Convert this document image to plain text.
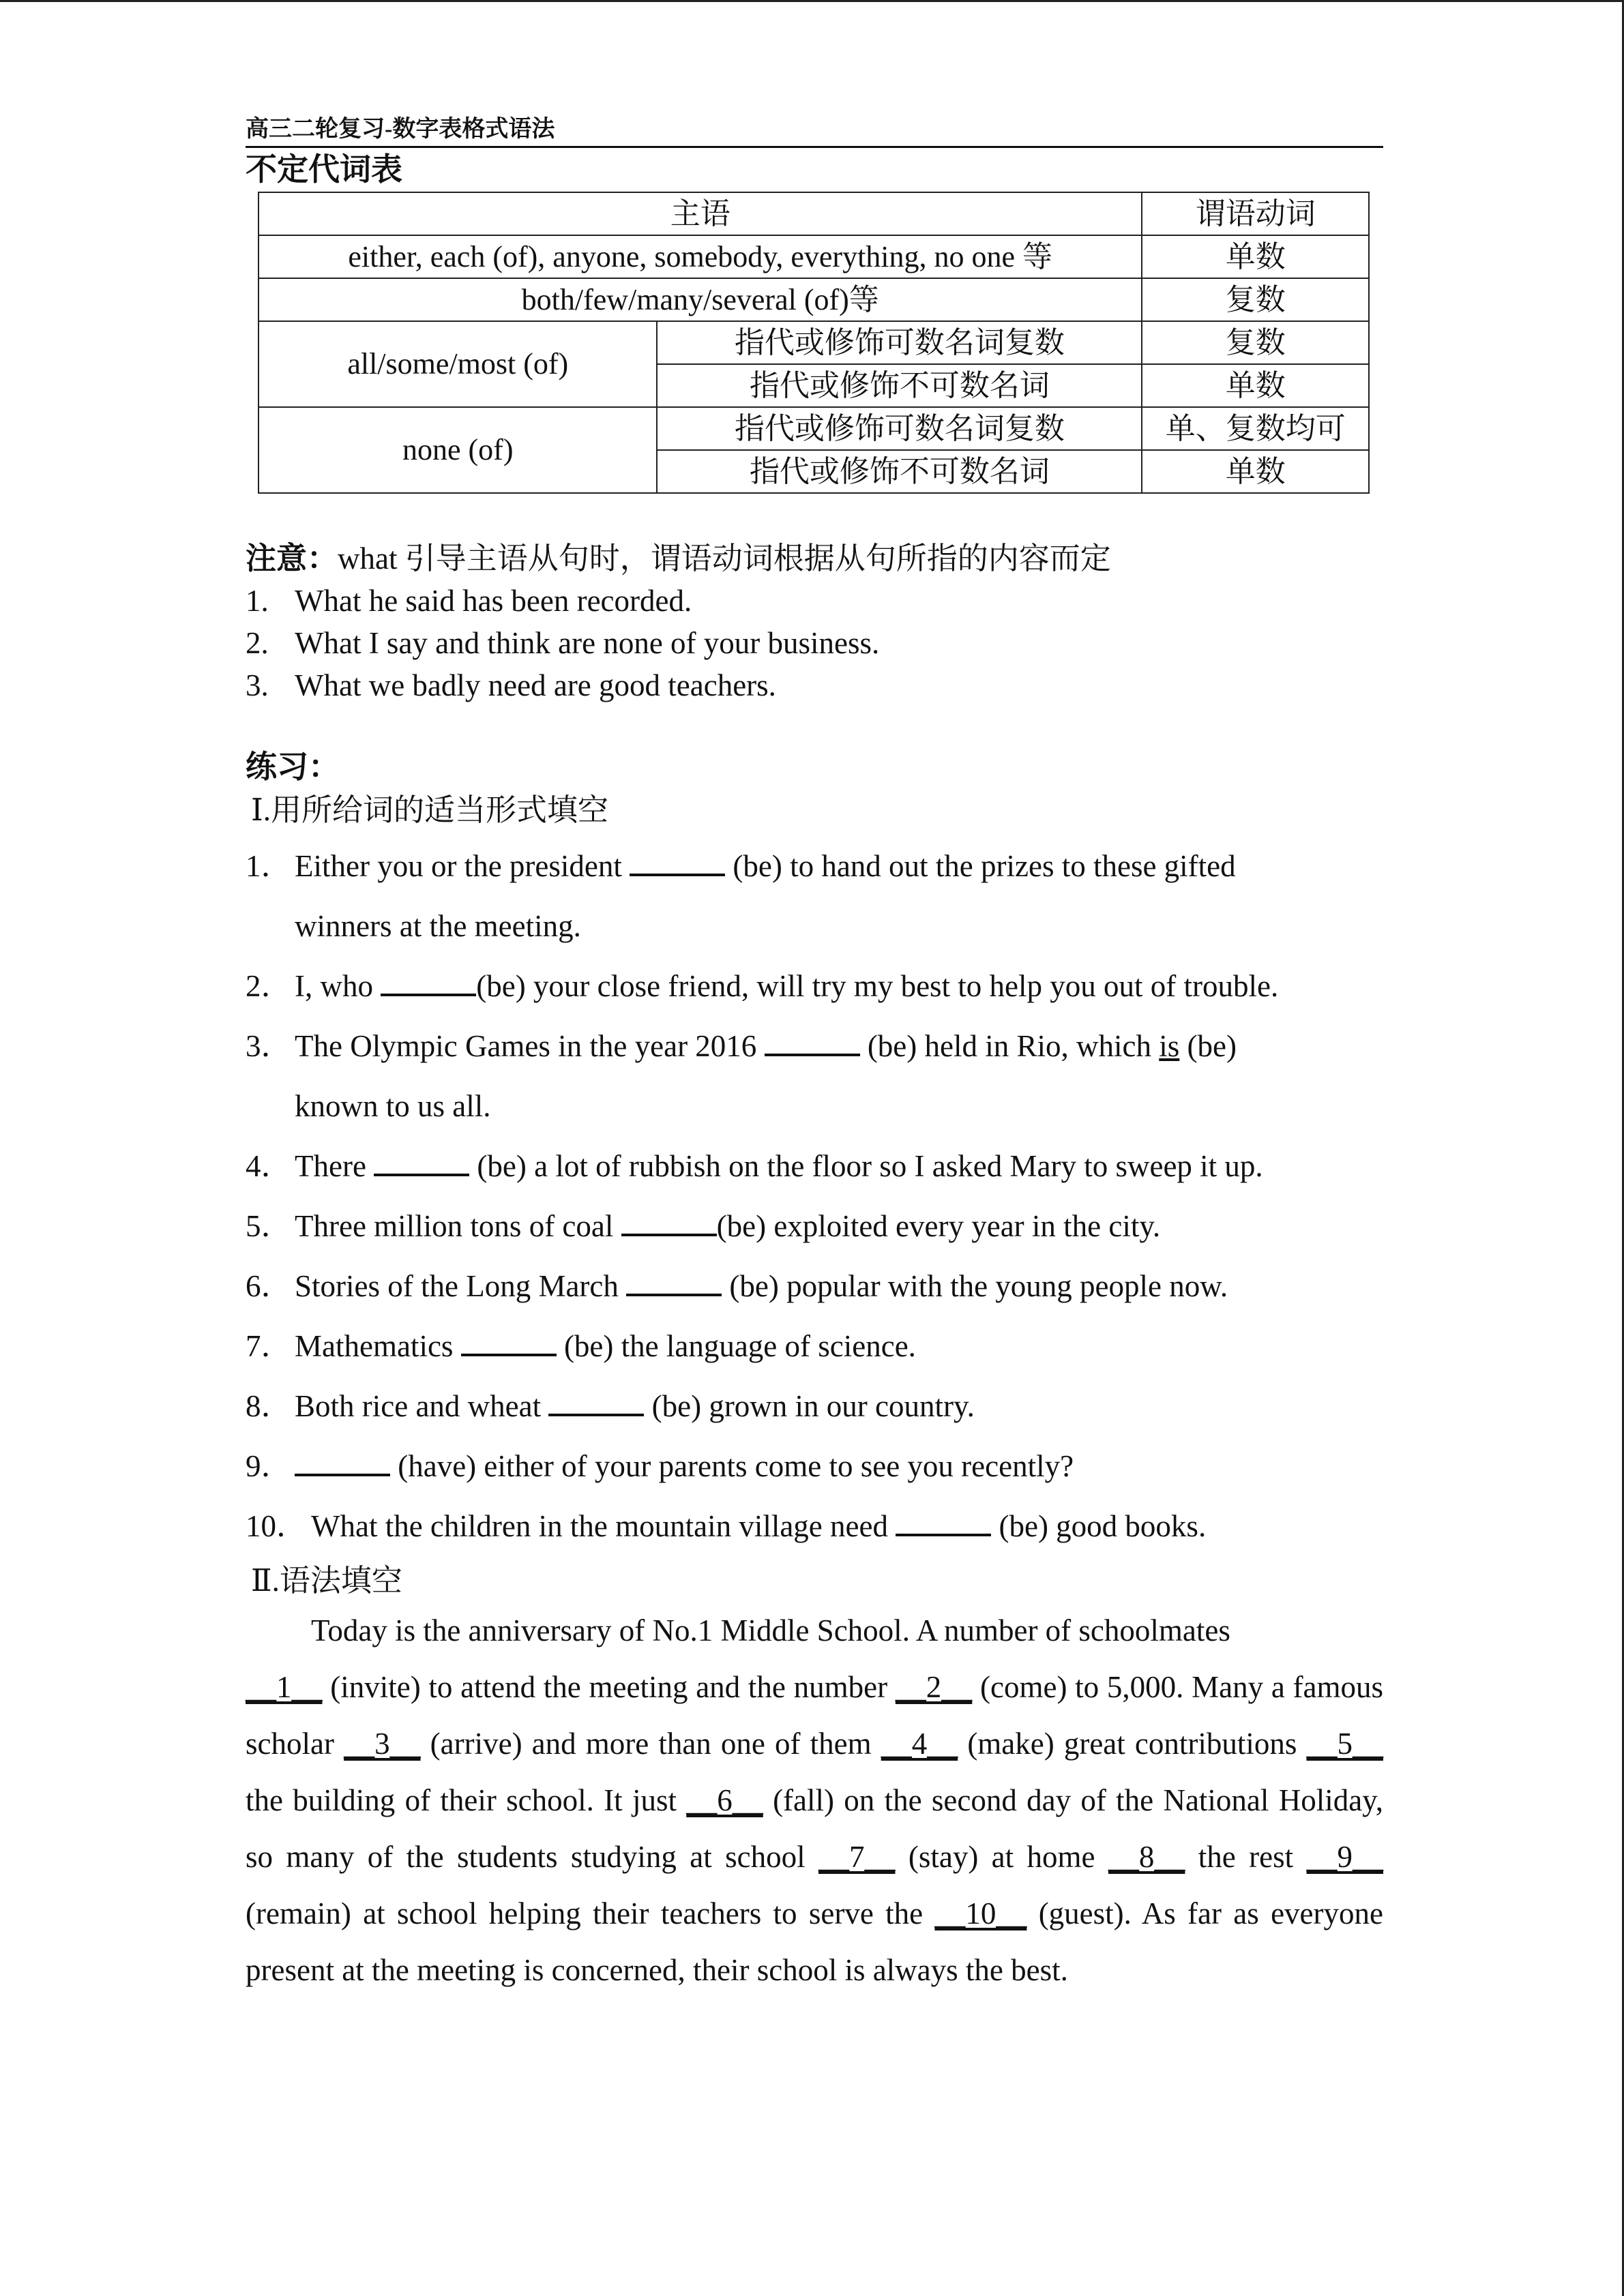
高三二轮复习-数字表格式语法
不定代词表
主语		谓语动词
either, each (of), anyone, somebody, everything, no one 等		单数
both/few/many/several (of)等		复数
all/some/most (of)	指代或修饰可数名词复数	复数
	指代或修饰不可数名词	单数
none (of)	指代或修饰可数名词复数	单、复数均可
	指代或修饰不可数名词	单数
注意：what 引导主语从句时，谓语动词根据从句所指的内容而定
1. What he said has been recorded.
2. What I say and think are none of your business.
3. What we badly need are good teachers.
练习：
Ⅰ.用所给词的适当形式填空
1．Either you or the president	(be) to hand out the prizes to these gifted
winners at the meeting.
2．I, who	(be) your close friend, will try my best to help you out of trouble.
3．The Olympic Games in the year 2016	(be) held in Rio, which is (be)
known to us all.
4．There	(be) a lot of rubbish on the floor so I asked Mary to sweep it up.
5．Three million tons of coal	(be) exploited every year in the city.
6．Stories of the Long March	(be) popular with the young people now.
7．Mathematics	(be) the language of science.
8．Both rice and wheat	(be) grown in our country.
9．	(have) either of your parents come to see you recently?
10． What the children in the mountain village need	(be) good books.
Ⅱ.语法填空
Today is the anniversary of No.1 Middle School. A number of schoolmates
__1__ (invite) to attend the meeting and the number __2__ (come) to 5,000. Many a famous scholar __3__ (arrive) and more than one of them __4__ (make) great contributions __5__ the building of their school. It just __6__ (fall) on the second day of the National Holiday, so many of the students studying at school __7__ (stay) at home __8__ the rest __9__ (remain) at school helping their teachers to serve the __10__ (guest). As far as everyone present at the meeting is concerned, their school is always the best.
